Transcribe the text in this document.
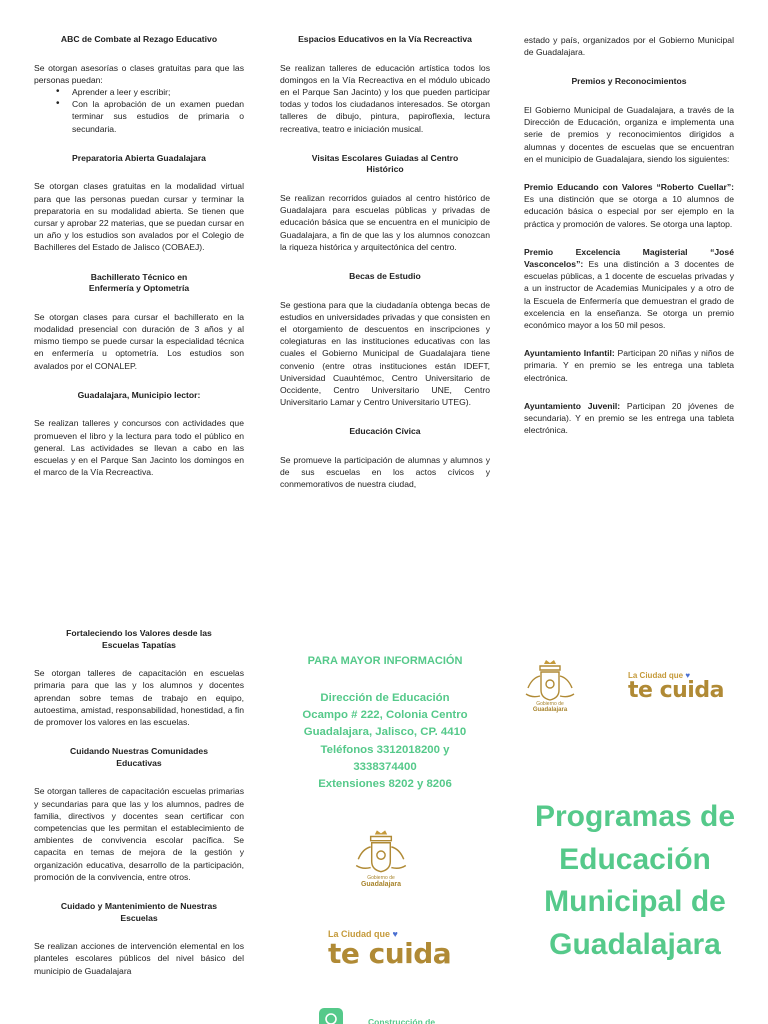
ABC de Combate al Rezago Educativo

Se otorgan asesorías o clases gratuitas para que las personas puedan:

• Aprender a leer y escribir;
• Con la aprobación de un examen puedan terminar sus estudios de primaria o secundaria.
Preparatoria Abierta Guadalajara

Se otorgan clases gratuitas en la modalidad virtual para que las personas puedan cursar y terminar la preparatoria en su modalidad abierta. Se tienen que cursar y aprobar 22 materias, que se puedan cursar en un año y los estudios son avalados por el Colegio de Bachilleres del Estado de Jalisco (COBAEJ).

Bachillerato Técnico en
Enfermería y Optometría

Se otorgan clases para cursar el bachillerato en la modalidad presencial con duración de 3 años y al mismo tiempo se puede cursar la especialidad técnica en enfermería u optometría. Los estudios son avalados por el CONALEP.

Guadalajara, Municipio lector:

Se realizan talleres y concursos con actividades que promueven el libro y la lectura para todo el público en general. Las actividades se llevan a cabo en las escuelas y en el Parque San Jacinto los domingos en el marco de la Vía Recreactiva.

Espacios Educativos en la Vía Recreactiva

Se realizan talleres de educación artística todos los domingos en la Vía Recreactiva en el módulo ubicado en el Parque San Jacinto) y los que pueden participar todas y todos los ciudadanos interesados. Se otorgan talleres de dibujo, pintura, papiroflexia, lectura recreativa, teatro e iniciación musical.

Visitas Escolares Guiadas al Centro
Histórico

Se realizan recorridos guiados al centro histórico de Guadalajara para escuelas públicas y privadas de educación básica que se encuentra en el municipio de Guadalajara, a fin de que las y los alumnos conozcan la riqueza histórica y arquitectónica del centro.

Becas de Estudio

Se gestiona para que la ciudadanía obtenga becas de estudios en universidades privadas y que consisten en el otorgamiento de descuentos en inscripciones y colegiaturas en las instituciones educativas con las cuales el Gobierno Municipal de Guadalajara tiene convenio (entre otras instituciones están IDEFT, Universidad Cuauhtémoc, Centro Universitario de Occidente, Centro Universitario UNE, Centro Universitario Lamar y Centro Universitario UTEG).

Educación Cívica

Se promueve la participación de alumnas y alumnos y de sus escuelas en los actos cívicos y conmemorativos de nuestra ciudad,

estado y país, organizados por el Gobierno Municipal de Guadalajara.

Premios y Reconocimientos

El Gobierno Municipal de Guadalajara, a través de la Dirección de Educación, organiza e implementa una serie de premios y reconocimientos dirigidos a alumnas y docentes de escuelas que se encuentran en el municipio de Guadalajara, siendo los siguientes:

Premio Educando con Valores “Roberto Cuellar”: Es una distinción que se otorga a 10 alumnos de educación básica o especial por ser ejemplo en la práctica y promoción de valores. Se otorga una laptop.

Premio Excelencia Magisterial “José Vasconcelos”: Es una distinción a 3 docentes de escuelas públicas, a 1 docente de escuelas privadas y a un instructor de Academias Municipales y a otro de la Escuela de Enfermería que demuestran el grado de excelencia en la enseñanza. Se otorga un premio económico mayor a los 50 mil pesos.

Ayuntamiento Infantil: Participan 20 niñas y niños de primaria. Y en premio se les entrega una tableta electrónica.

Ayuntamiento Juvenil: Participan 20 jóvenes de secundaria). Y en premio se les entrega una tableta electrónica.

Fortaleciendo los Valores desde las
Escuelas Tapatías

Se otorgan talleres de capacitación en escuelas primaria para que las y los alumnos y docentes aprendan sobre temas de trabajo en equipo, autoestima, amistad, responsabilidad, honestidad, a fin de promover los valores en las escuelas.

Cuidando Nuestras Comunidades
Educativas

Se otorgan talleres de capacitación escuelas primarias y secundarias para que las y los alumnos, padres de familia, directivos y docentes sean certificar con competencias que les permitan el establecimiento de ambientes de convivencia escolar pacífica. Se capacita en temas de mejora de la gestión y organización educativa, desarrollo de la participación, promoción de la convivencia, entre otros.

Cuidado y Mantenimiento de Nuestras
Escuelas

Se realizan acciones de intervención elemental en los planteles escolares públicos del nivel básico del municipio de Guadalajara

PARA MAYOR INFORMACIÓN
Dirección de Educación
Ocampo # 222, Colonia Centro
Guadalajara, Jalisco, CP. 4410
Teléfonos 3312018200 y
3338374400
Extensiones 8202 y 8206
Gobierno de
Guadalajara
La Ciudad que ♥
te cuida
Programas de
Educación
Municipal de
Guadalajara
Gobierno de
Guadalajara
La Ciudad que ♥
te cuida
Construcción de
